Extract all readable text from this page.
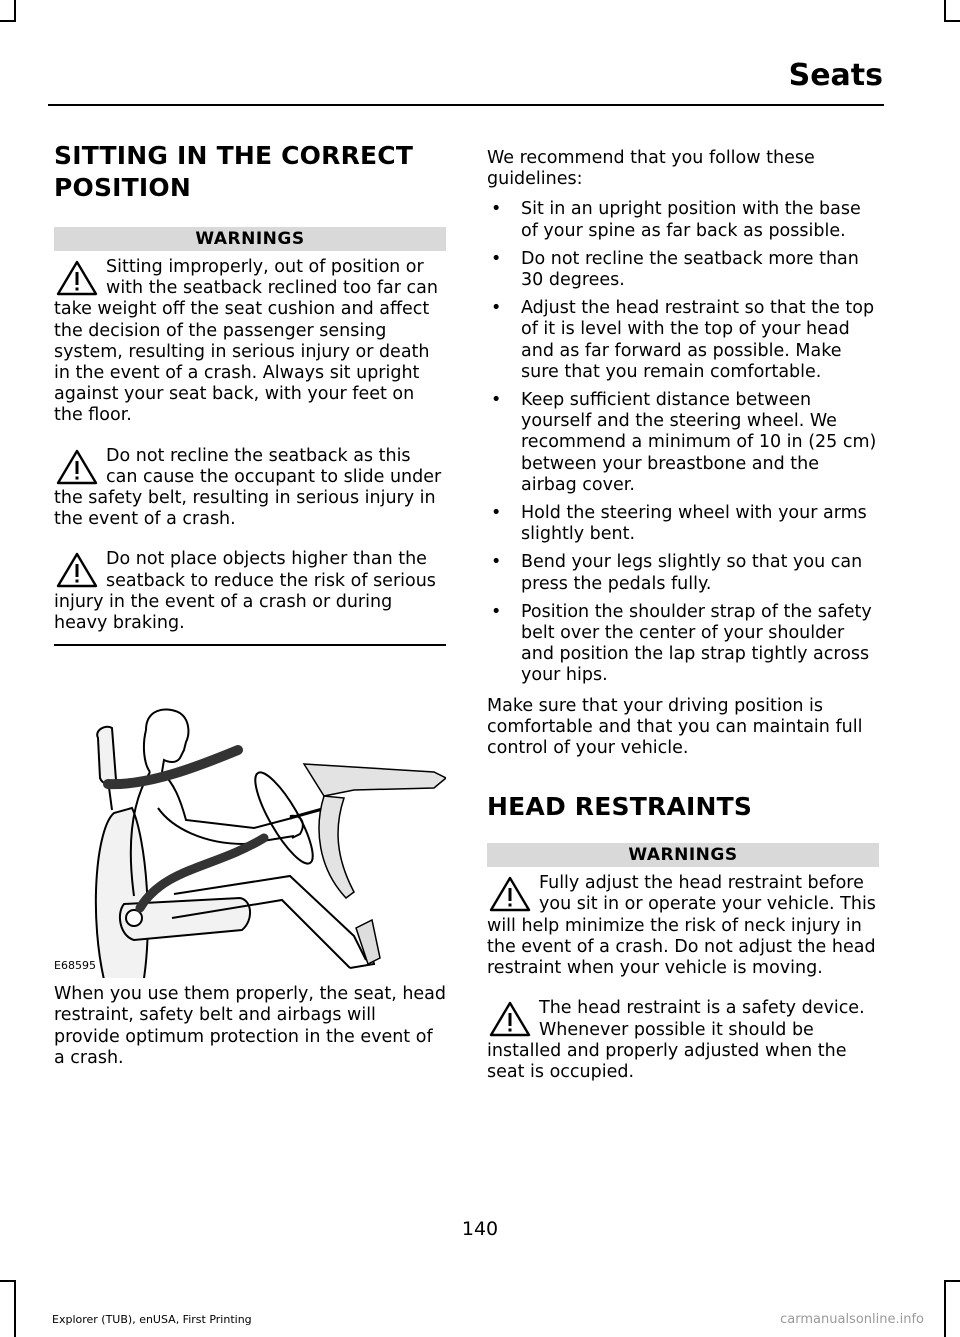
Seats
SITTING IN THE CORRECT POSITION
WARNINGS

Sitting improperly, out of position or with the seatback reclined too far can take weight off the seat cushion and affect the decision of the passenger sensing system, resulting in serious injury or death in the event of a crash. Always sit upright against your seat back, with your feet on the floor.

Do not recline the seatback as this can cause the occupant to slide under the safety belt, resulting in serious injury in the event of a crash.

Do not place objects higher than the seatback to reduce the risk of serious injury in the event of a crash or during heavy braking.

E68595

When you use them properly, the seat, head restraint, safety belt and airbags will provide optimum protection in the event of a crash.

We recommend that you follow these guidelines:

• Sit in an upright position with the base of your spine as far back as possible.
• Do not recline the seatback more than 30 degrees.
• Adjust the head restraint so that the top of it is level with the top of your head and as far forward as possible. Make sure that you remain comfortable.
• Keep sufficient distance between yourself and the steering wheel. We recommend a minimum of 10 in (25 cm) between your breastbone and the airbag cover.
• Hold the steering wheel with your arms slightly bent.
• Bend your legs slightly so that you can press the pedals fully.
• Position the shoulder strap of the safety belt over the center of your shoulder and position the lap strap tightly across your hips.

Make sure that your driving position is comfortable and that you can maintain full control of your vehicle.

HEAD RESTRAINTS
WARNINGS

Fully adjust the head restraint before you sit in or operate your vehicle. This will help minimize the risk of neck injury in the event of a crash. Do not adjust the head restraint when your vehicle is moving.

The head restraint is a safety device. Whenever possible it should be installed and properly adjusted when the seat is occupied.

140
Explorer (TUB), enUSA, First Printing	carmanualsonline.info
